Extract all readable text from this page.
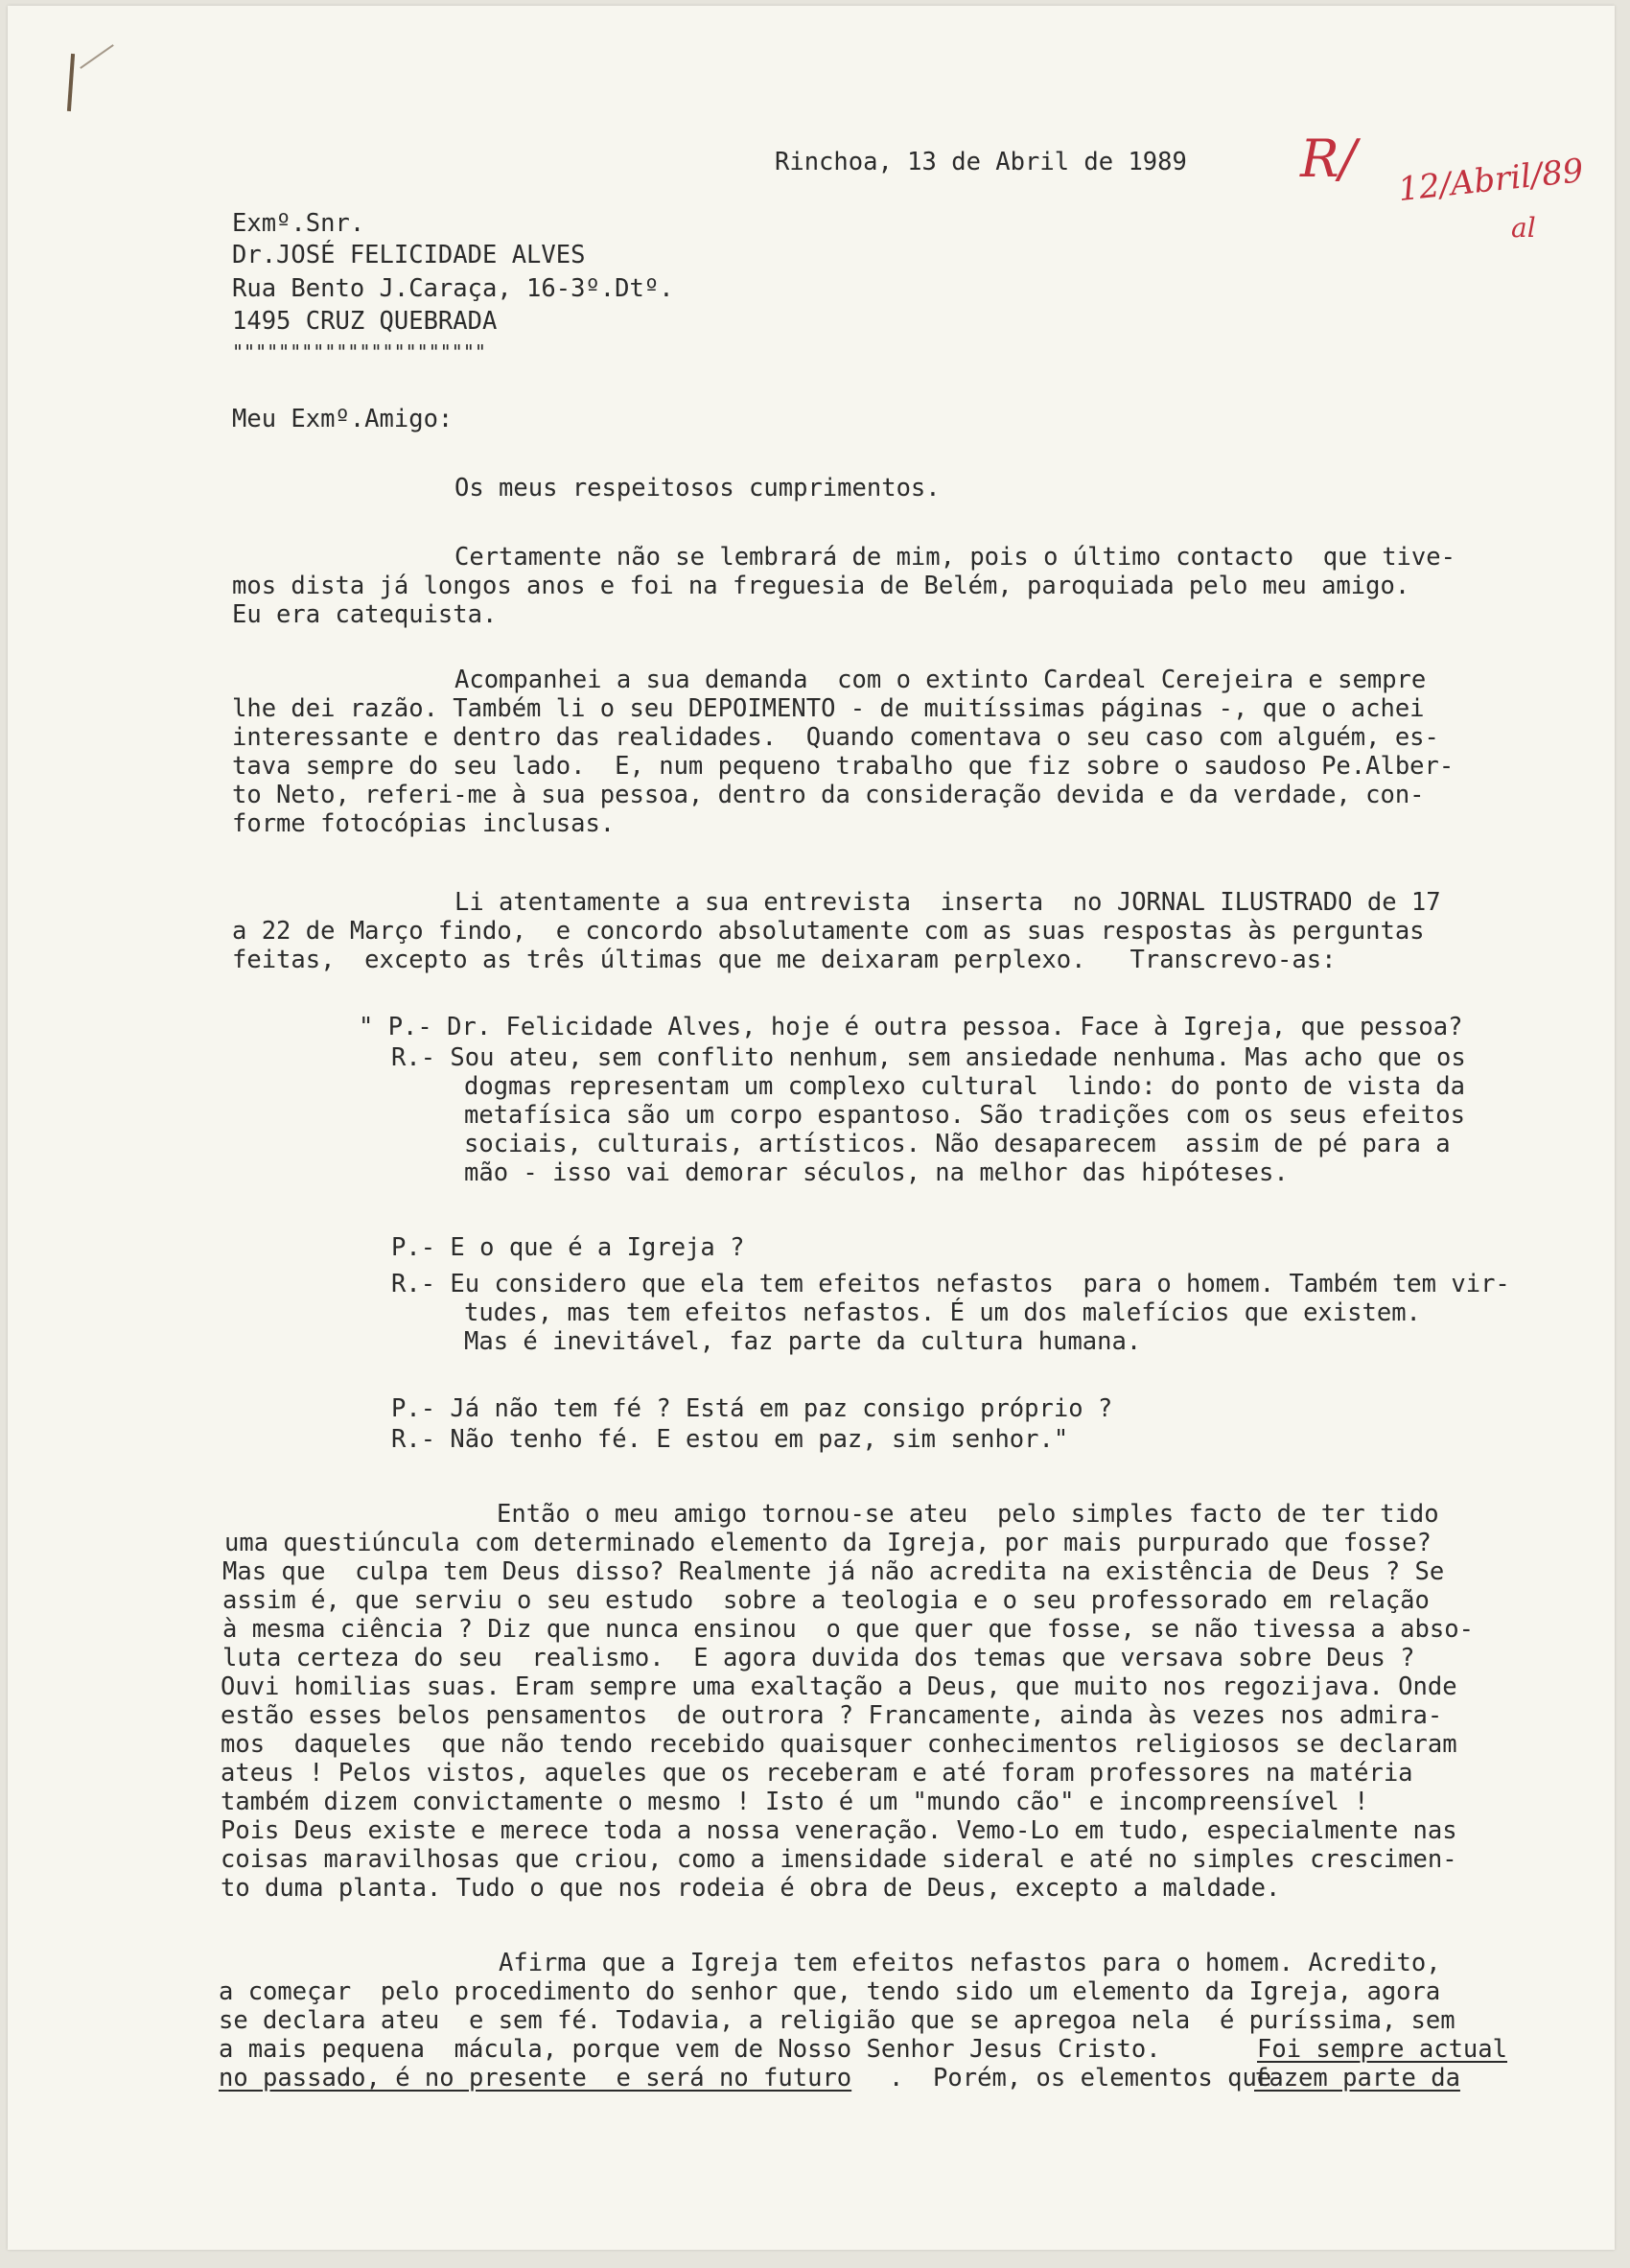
Rinchoa, 13 de Abril de 1989 R/ 12/Abril/89
al
Exmº.Snr.
Dr.JOSÉ FELICIDADE ALVES
Rua Bento J.Caraça, 16-3º.Dtº.
1495 CRUZ QUEBRADA
""""""""""""""""""""""
Meu Exmº.Amigo:
Os meus respeitosos cumprimentos.
Certamente não se lembrará de mim, pois o último contacto  que tive-
mos dista já longos anos e foi na freguesia de Belém, paroquiada pelo meu amigo.
Eu era catequista.
Acompanhei a sua demanda  com o extinto Cardeal Cerejeira e sempre
lhe dei razão. Também li o seu DEPOIMENTO - de muitíssimas páginas -, que o achei
interessante e dentro das realidades.  Quando comentava o seu caso com alguém, es-
tava sempre do seu lado.  E, num pequeno trabalho que fiz sobre o saudoso Pe.Alber-
to Neto, referi-me à sua pessoa, dentro da consideração devida e da verdade, con-
forme fotocópias inclusas.
Li atentamente a sua entrevista  inserta  no JORNAL ILUSTRADO de 17
a 22 de Março findo,  e concordo absolutamente com as suas respostas às perguntas
feitas,  excepto as três últimas que me deixaram perplexo.   Transcrevo-as:
" P.- Dr. Felicidade Alves, hoje é outra pessoa. Face à Igreja, que pessoa?
R.- Sou ateu, sem conflito nenhum, sem ansiedade nenhuma. Mas acho que os
dogmas representam um complexo cultural  lindo: do ponto de vista da
metafísica são um corpo espantoso. São tradições com os seus efeitos
sociais, culturais, artísticos. Não desaparecem  assim de pé para a
mão - isso vai demorar séculos, na melhor das hipóteses.
P.- E o que é a Igreja ?
R.- Eu considero que ela tem efeitos nefastos  para o homem. Também tem vir-
tudes, mas tem efeitos nefastos. É um dos malefícios que existem.
Mas é inevitável, faz parte da cultura humana.
P.- Já não tem fé ? Está em paz consigo próprio ?
R.- Não tenho fé. E estou em paz, sim senhor."
Então o meu amigo tornou-se ateu  pelo simples facto de ter tido
uma questiúncula com determinado elemento da Igreja, por mais purpurado que fosse?
Mas que  culpa tem Deus disso? Realmente já não acredita na existência de Deus ? Se
assim é, que serviu o seu estudo  sobre a teologia e o seu professorado em relação
à mesma ciência ? Diz que nunca ensinou  o que quer que fosse, se não tivessa a abso-
luta certeza do seu  realismo.  E agora duvida dos temas que versava sobre Deus ?
Ouvi homilias suas. Eram sempre uma exaltação a Deus, que muito nos regozijava. Onde
estão esses belos pensamentos  de outrora ? Francamente, ainda às vezes nos admira-
mos  daqueles  que não tendo recebido quaisquer conhecimentos religiosos se declaram
ateus ! Pelos vistos, aqueles que os receberam e até foram professores na matéria
também dizem convictamente o mesmo ! Isto é um "mundo cão" e incompreensível !
Pois Deus existe e merece toda a nossa veneração. Vemo-Lo em tudo, especialmente nas
coisas maravilhosas que criou, como a imensidade sideral e até no simples crescimen-
to duma planta. Tudo o que nos rodeia é obra de Deus, excepto a maldade.
Afirma que a Igreja tem efeitos nefastos para o homem. Acredito,
a começar  pelo procedimento do senhor que, tendo sido um elemento da Igreja, agora
se declara ateu  e sem fé. Todavia, a religião que se apregoa nela  é puríssima, sem
a mais pequena  mácula, porque vem de Nosso Senhor Jesus Cristo.	Foi sempre actual
no passado, é no presente  e será no futuro .  Porém, os elementos que
fazem parte da
